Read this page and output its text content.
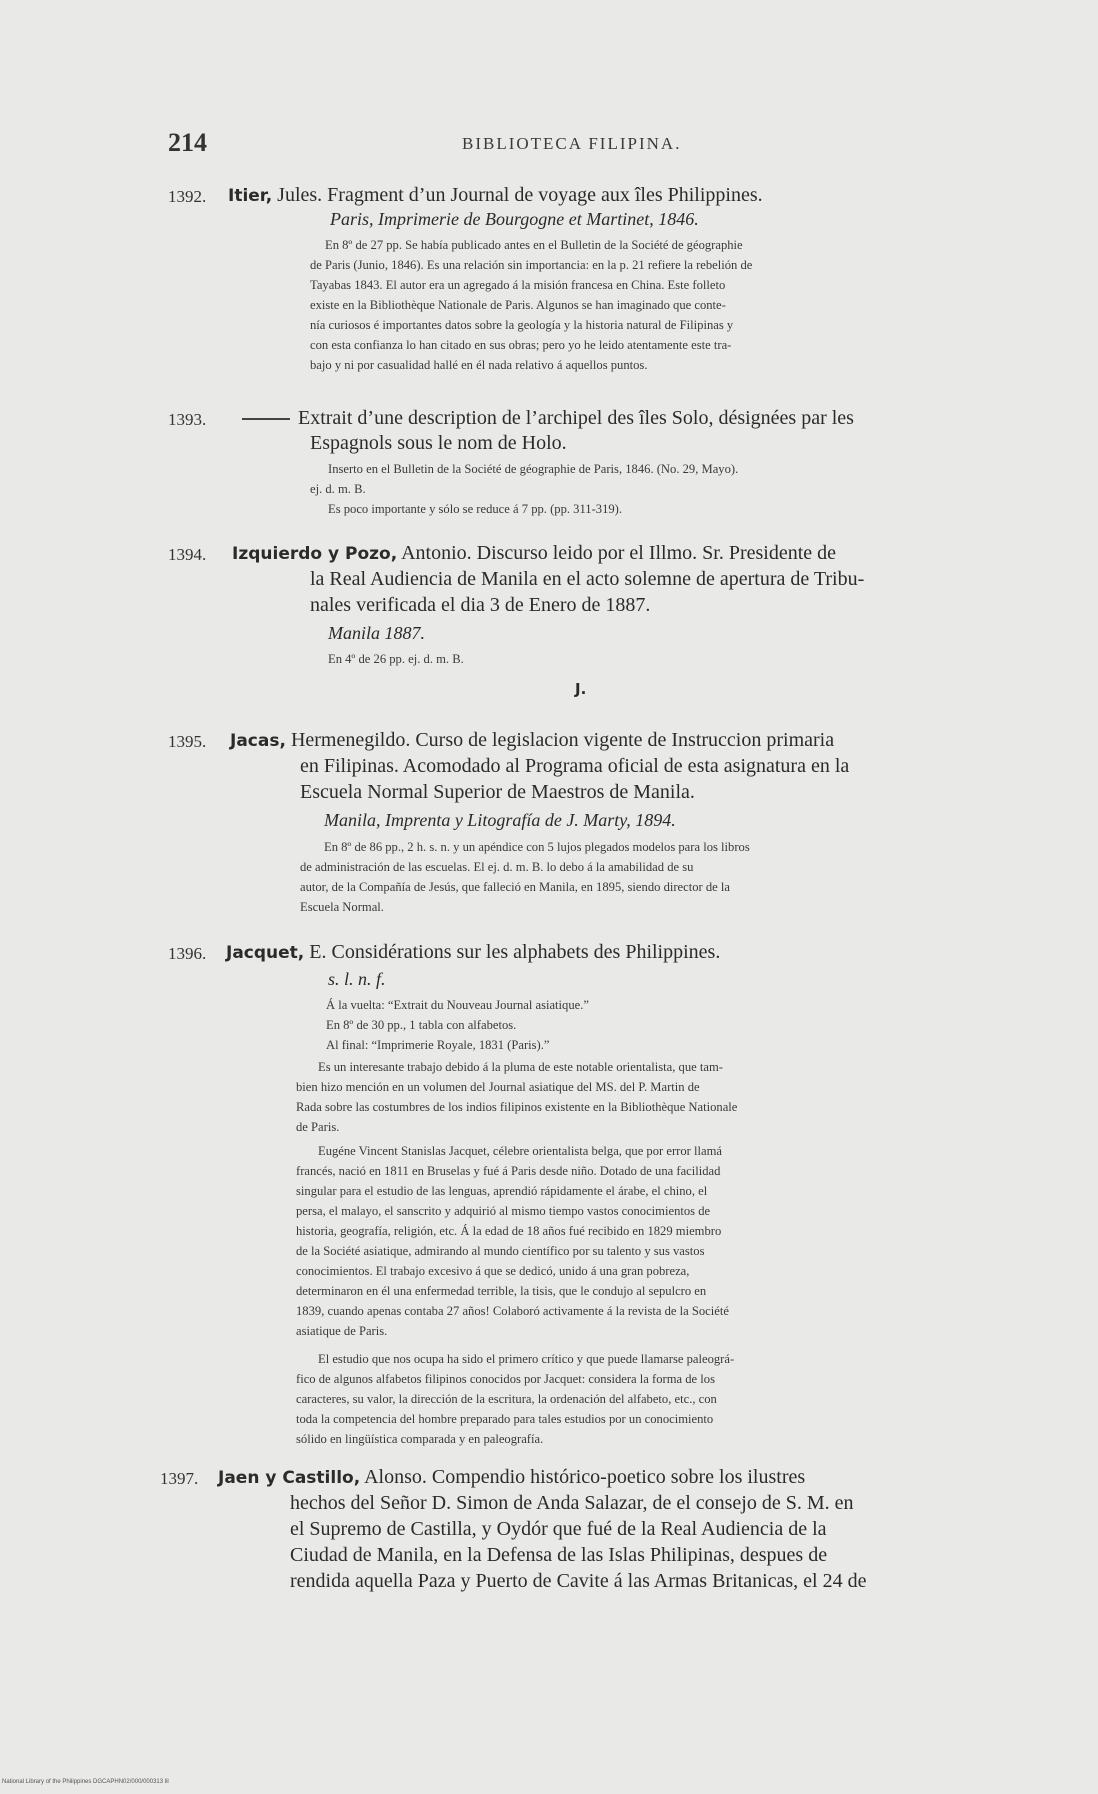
214	BIBLIOTECA FILIPINA.
1392. Itier, Jules. Fragment d’un Journal de voyage aux îles Philippines.
Paris, Imprimerie de Bourgogne et Martinet, 1846.
En 8º de 27 pp. Se había publicado antes en el Bulletin de la Société de géographie
de Paris (Junio, 1846). Es una relación sin importancia: en la p. 21 refiere la rebelión de
Tayabas 1843. El autor era un agregado á la misión francesa en China. Este folleto
existe en la Bibliothèque Nationale de Paris. Algunos se han imaginado que conte-
nía curiosos é importantes datos sobre la geología y la historia natural de Filipinas y
con esta confianza lo han citado en sus obras; pero yo he leido atentamente este tra-
bajo y ni por casualidad hallé en él nada relativo á aquellos puntos.
1393.	Extrait d’une description de l’archipel des îles Solo, désignées par les
Espagnols sous le nom de Holo.
Inserto en el Bulletin de la Société de géographie de Paris, 1846. (No. 29, Mayo).
ej. d. m. B.
Es poco importante y sólo se reduce á 7 pp. (pp. 311-319).
1394. Izquierdo y Pozo, Antonio. Discurso leido por el Illmo. Sr. Presidente de
la Real Audiencia de Manila en el acto solemne de apertura de Tribu-
nales verificada el dia 3 de Enero de 1887.
Manila 1887.
En 4º de 26 pp. ej. d. m. B.
J.
1395. Jacas, Hermenegildo. Curso de legislacion vigente de Instruccion primaria
en Filipinas. Acomodado al Programa oficial de esta asignatura en la
Escuela Normal Superior de Maestros de Manila.
Manila, Imprenta y Litografía de J. Marty, 1894.
En 8º de 86 pp., 2 h. s. n. y un apéndice con 5 lujos plegados modelos para los libros
de administración de las escuelas. El ej. d. m. B. lo debo á la amabilidad de su
autor, de la Compañía de Jesús, que falleció en Manila, en 1895, siendo director de la
Escuela Normal.
1396. Jacquet, E. Considérations sur les alphabets des Philippines.
s. l. n. f.
Á la vuelta: “Extrait du Nouveau Journal asiatique.”
En 8º de 30 pp., 1 tabla con alfabetos.
Al final: “Imprimerie Royale, 1831 (Paris).”
Es un interesante trabajo debido á la pluma de este notable orientalista, que tam-
bien hizo mención en un volumen del Journal asiatique del MS. del P. Martin de
Rada sobre las costumbres de los indios filipinos existente en la Bibliothèque Nationale
de Paris.
Eugéne Vincent Stanislas Jacquet, célebre orientalista belga, que por error llamá
francés, nació en 1811 en Bruselas y fué á Paris desde niño. Dotado de una facilidad
singular para el estudio de las lenguas, aprendió rápidamente el árabe, el chino, el
persa, el malayo, el sanscrito y adquirió al mismo tiempo vastos conocimientos de
historia, geografía, religión, etc. Á la edad de 18 años fué recibido en 1829 miembro
de la Société asiatique, admirando al mundo científico por su talento y sus vastos
conocimientos. El trabajo excesivo á que se dedicó, unido á una gran pobreza,
determinaron en él una enfermedad terrible, la tisis, que le condujo al sepulcro en
1839, cuando apenas contaba 27 años! Colaboró activamente á la revista de la Société
asiatique de Paris.
El estudio que nos ocupa ha sido el primero crítico y que puede llamarse paleográ-
fico de algunos alfabetos filipinos conocidos por Jacquet: considera la forma de los
caracteres, su valor, la dirección de la escritura, la ordenación del alfabeto, etc., con
toda la competencia del hombre preparado para tales estudios por un conocimiento
sólido en lingüística comparada y en paleografía.
1397. Jaen y Castillo, Alonso. Compendio histórico-poetico sobre los ilustres
hechos del Señor D. Simon de Anda Salazar, de el consejo de S. M. en
el Supremo de Castilla, y Oydór que fué de la Real Audiencia de la
Ciudad de Manila, en la Defensa de las Islas Philipinas, despues de
rendida aquella Paza y Puerto de Cavite á las Armas Britanicas, el 24 de
National Library of the Philippines DGCAPHN02/000/000313 lil
